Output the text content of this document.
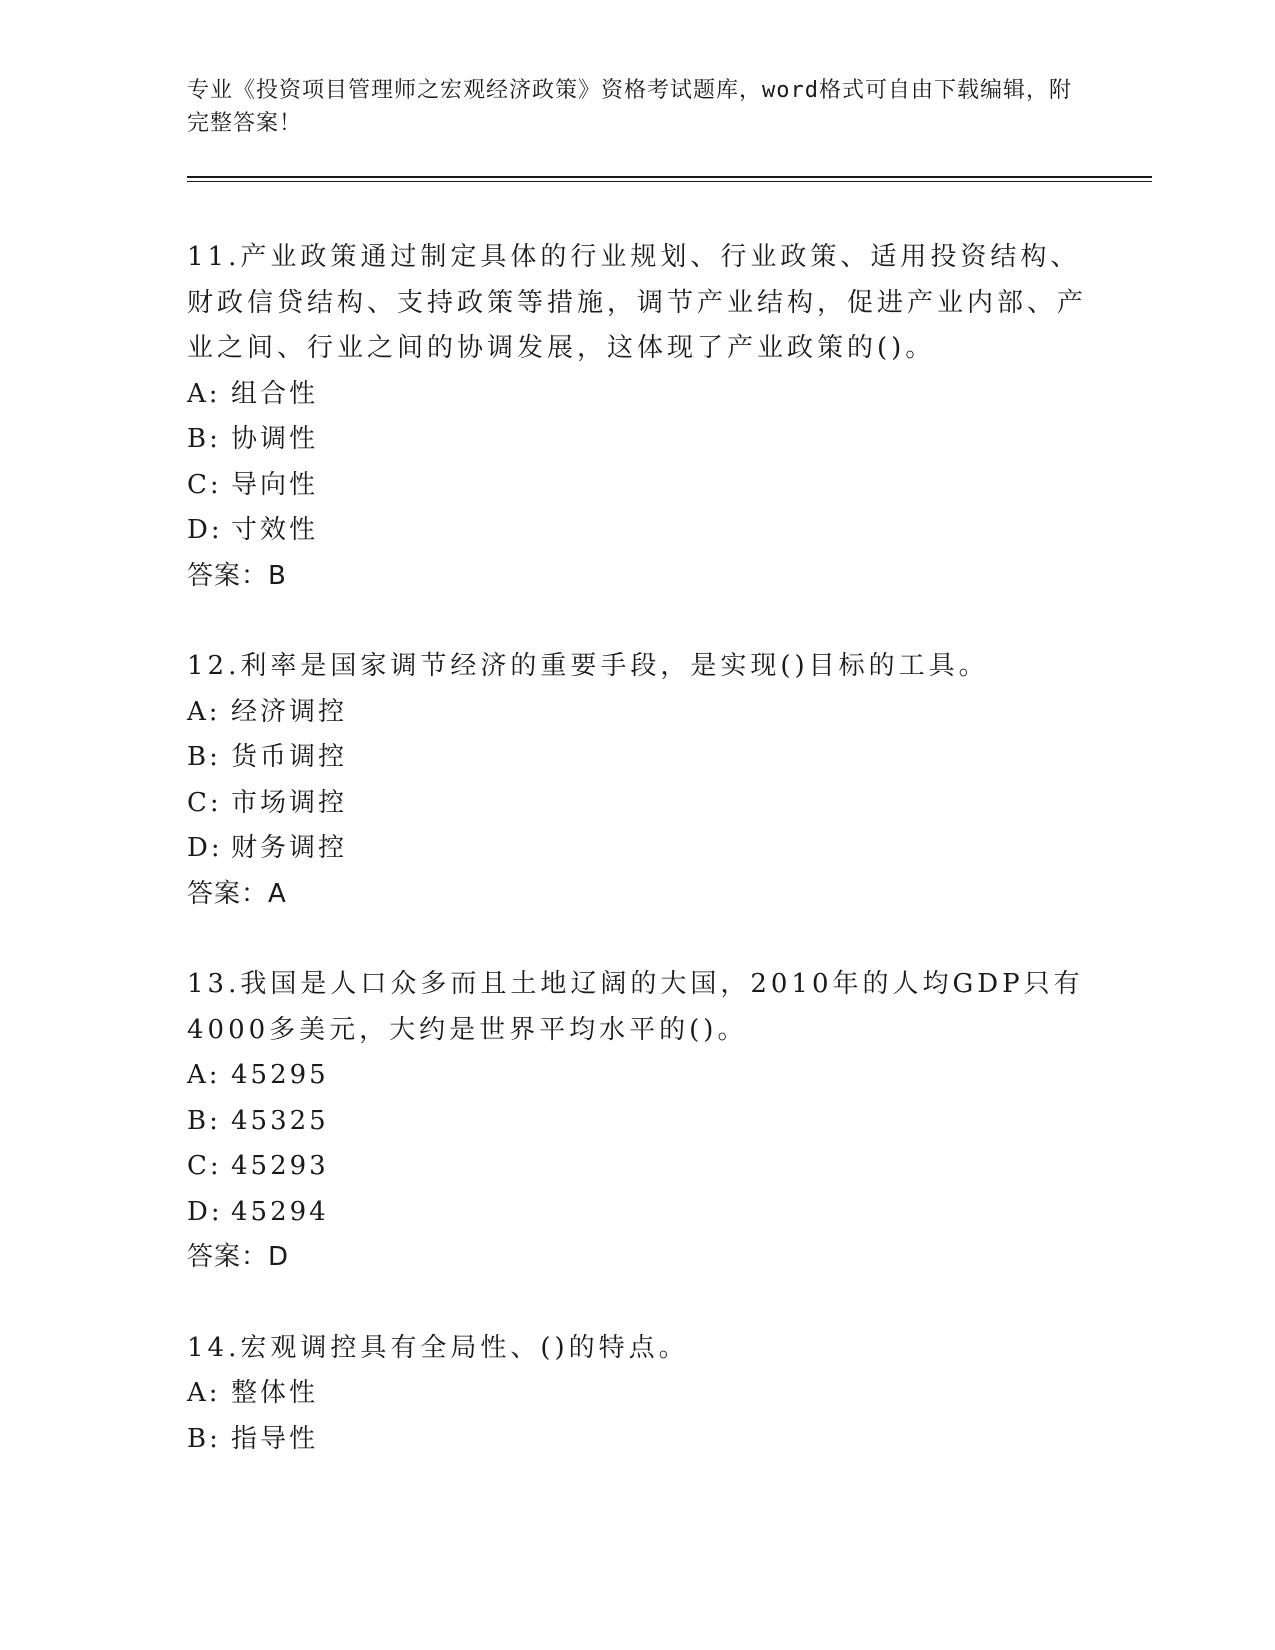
专业《投资项目管理师之宏观经济政策》资格考试题库，word格式可自由下载编辑，附完整答案！

11.产业政策通过制定具体的行业规划、行业政策、适用投资结构、财政信贷结构、支持政策等措施，调节产业结构，促进产业内部、产业之间、行业之间的协调发展，这体现了产业政策的()。

A: 组合性

B: 协调性

C: 导向性

D: 寸效性

答案：B

12.利率是国家调节经济的重要手段，是实现()目标的工具。

A: 经济调控

B: 货币调控

C: 市场调控

D: 财务调控

答案：A

13.我国是人口众多而且土地辽阔的大国，2010年的人均GDP只有4000多美元，大约是世界平均水平的()。

A: 45295

B: 45325

C: 45293

D: 45294

答案：D

14.宏观调控具有全局性、()的特点。

A: 整体性

B: 指导性
